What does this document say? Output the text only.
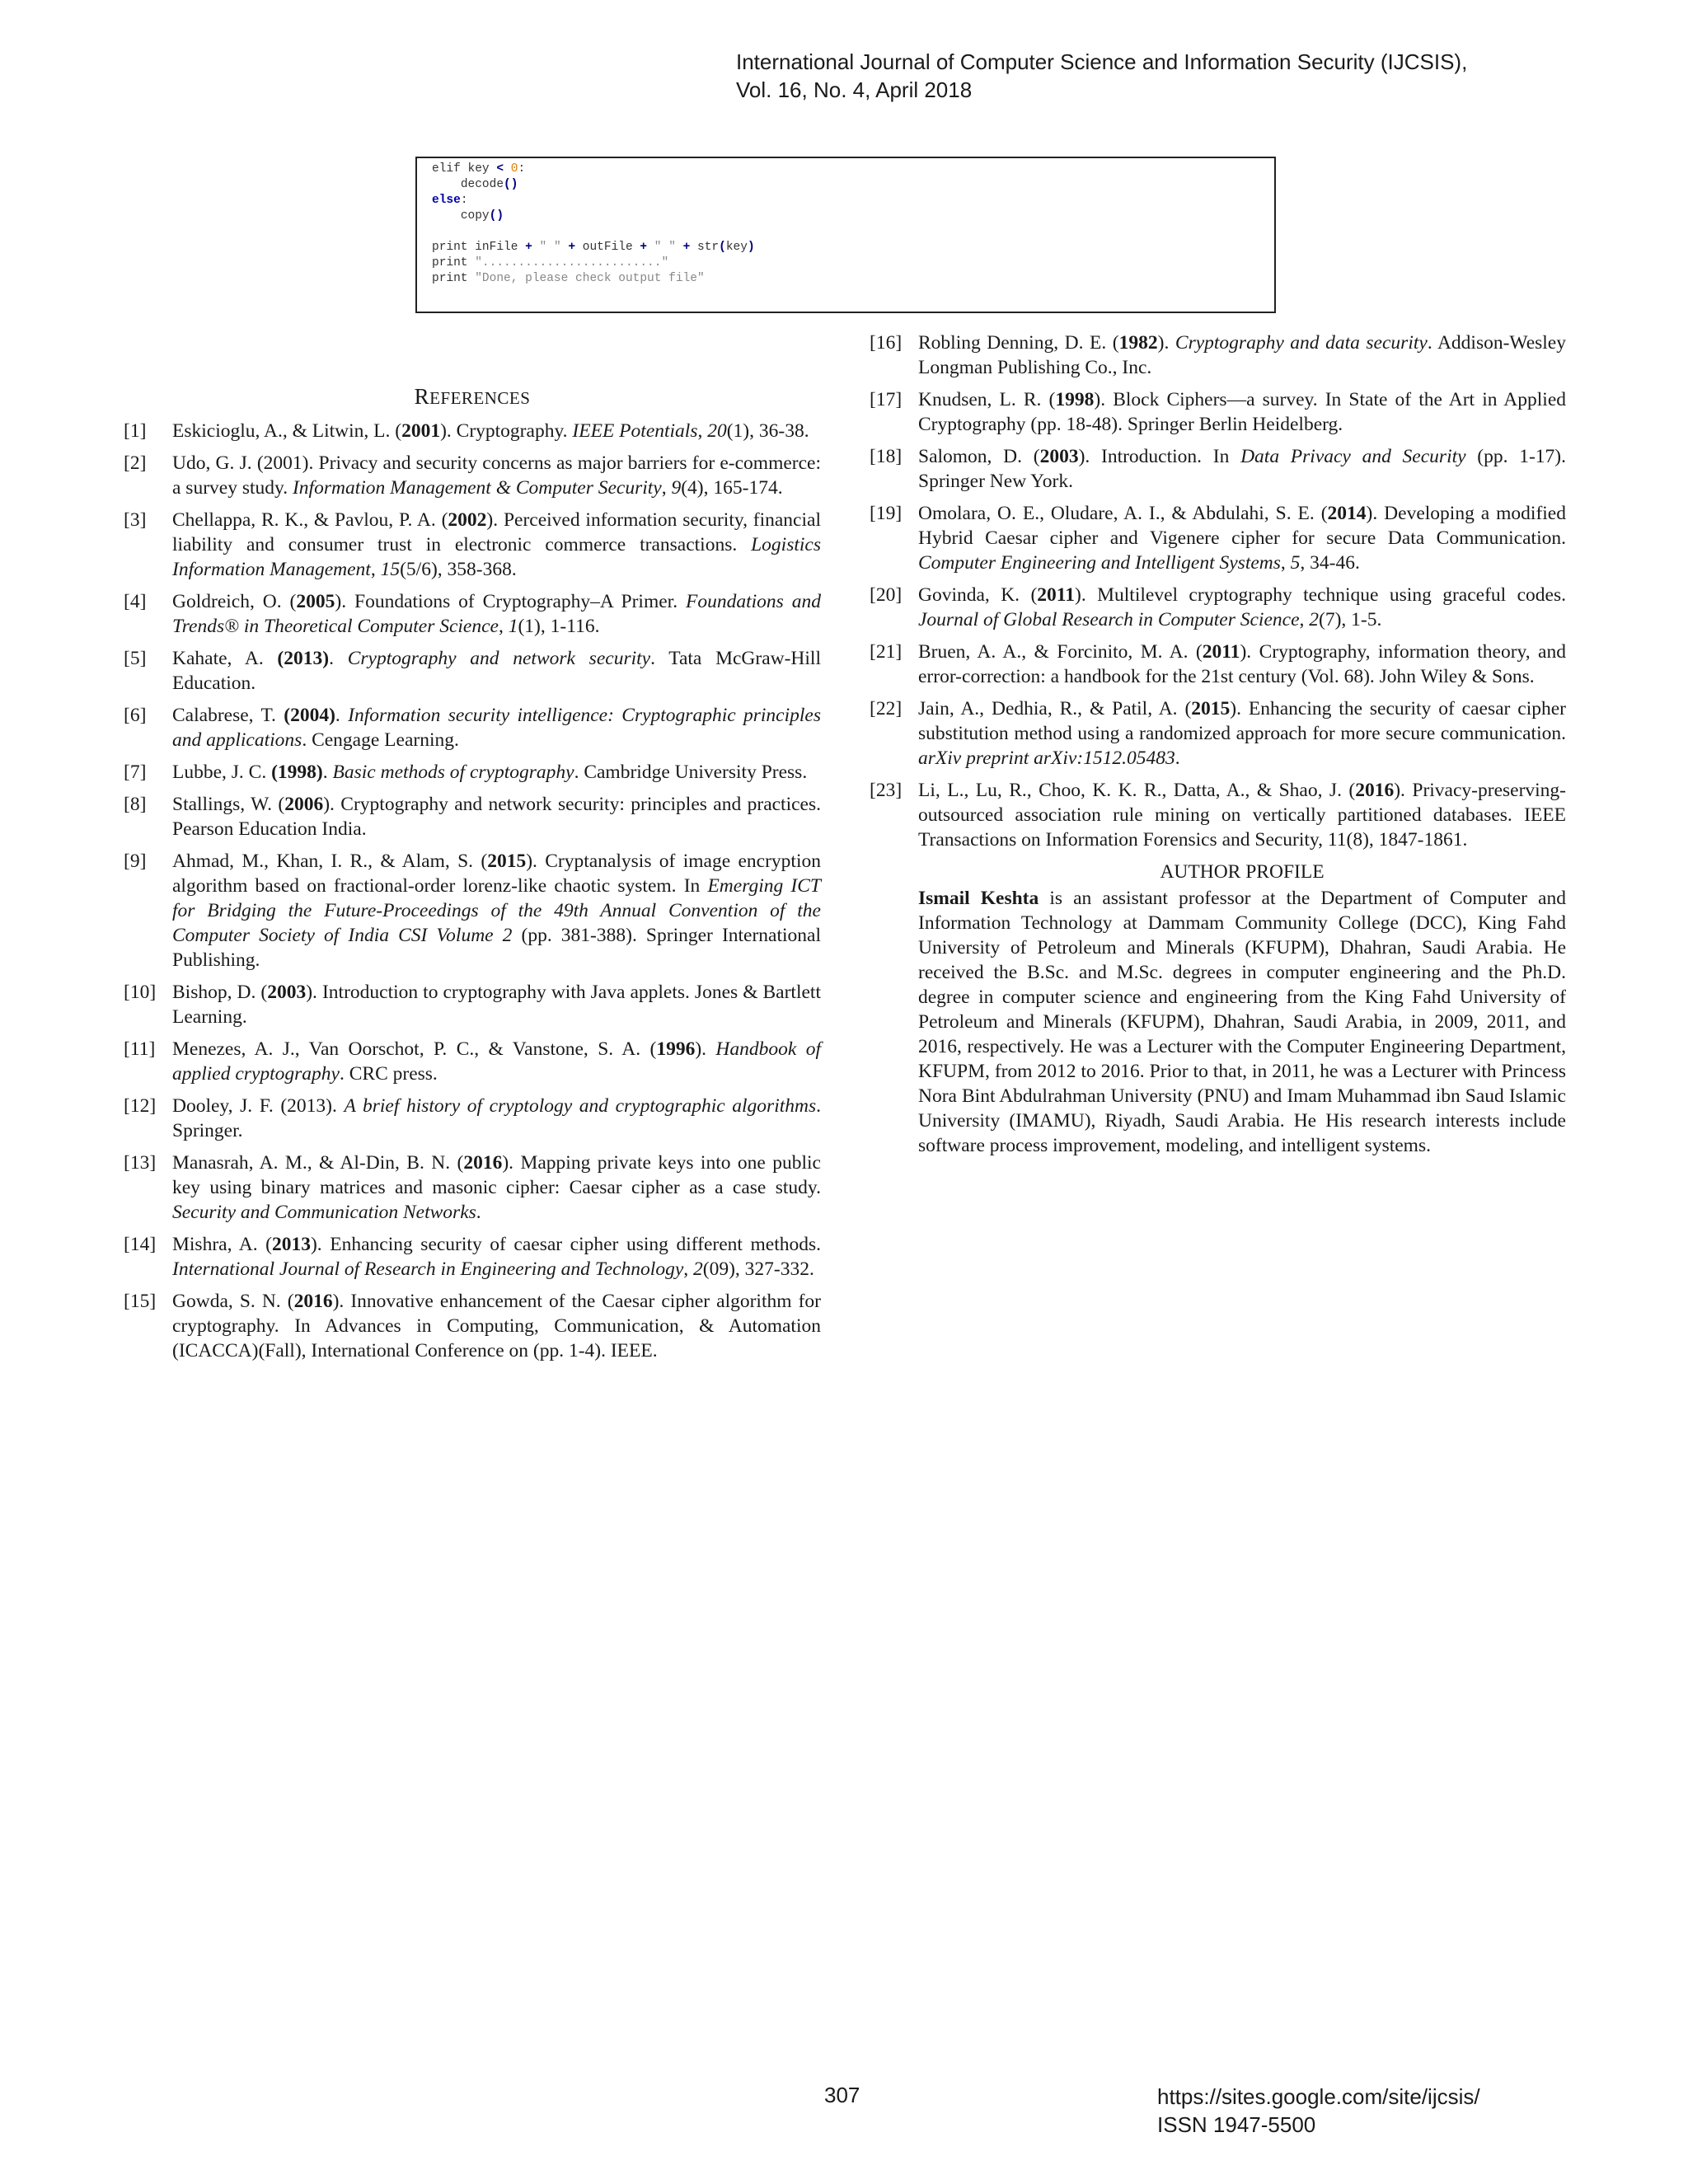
International Journal of Computer Science and Information Security (IJCSIS),
Vol. 16, No. 4, April 2018
elif key < 0:
decode()
else:
copy()
print inFile + " " + outFile + " " + str(key)
print "........................."
print "Done, please check output file"
REFERENCES
[1] Eskicioglu, A., & Litwin, L. (2001). Cryptography. IEEE Potentials, 20(1), 36-38.
[2] Udo, G. J. (2001). Privacy and security concerns as major barriers for e-commerce: a survey study. Information Management & Computer Security, 9(4), 165-174.
[3] Chellappa, R. K., & Pavlou, P. A. (2002). Perceived information security, financial liability and consumer trust in electronic commerce transactions. Logistics Information Management, 15(5/6), 358-368.
[4] Goldreich, O. (2005). Foundations of Cryptography–A Primer. Foundations and Trends® in Theoretical Computer Science, 1(1), 1-116.
[5] Kahate, A. (2013). Cryptography and network security. Tata McGraw-Hill Education.
[6] Calabrese, T. (2004). Information security intelligence: Cryptographic principles and applications. Cengage Learning.
[7] Lubbe, J. C. (1998). Basic methods of cryptography. Cambridge University Press.
[8] Stallings, W. (2006). Cryptography and network security: principles and practices. Pearson Education India.
[9] Ahmad, M., Khan, I. R., & Alam, S. (2015). Cryptanalysis of image encryption algorithm based on fractional-order lorenz-like chaotic system. In Emerging ICT for Bridging the Future-Proceedings of the 49th Annual Convention of the Computer Society of India CSI Volume 2 (pp. 381-388). Springer International Publishing.
[10] Bishop, D. (2003). Introduction to cryptography with Java applets. Jones & Bartlett Learning.
[11] Menezes, A. J., Van Oorschot, P. C., & Vanstone, S. A. (1996). Handbook of applied cryptography. CRC press.
[12] Dooley, J. F. (2013). A brief history of cryptology and cryptographic algorithms. Springer.
[13] Manasrah, A. M., & Al-Din, B. N. (2016). Mapping private keys into one public key using binary matrices and masonic cipher: Caesar cipher as a case study. Security and Communication Networks.
[14] Mishra, A. (2013). Enhancing security of caesar cipher using different methods. International Journal of Research in Engineering and Technology, 2(09), 327-332.
[15] Gowda, S. N. (2016). Innovative enhancement of the Caesar cipher algorithm for cryptography. In Advances in Computing, Communication, & Automation (ICACCA)(Fall), International Conference on (pp. 1-4). IEEE.
[16] Robling Denning, D. E. (1982). Cryptography and data security. Addison-Wesley Longman Publishing Co., Inc.
[17] Knudsen, L. R. (1998). Block Ciphers—a survey. In State of the Art in Applied Cryptography (pp. 18-48). Springer Berlin Heidelberg.
[18] Salomon, D. (2003). Introduction. In Data Privacy and Security (pp. 1-17). Springer New York.
[19] Omolara, O. E., Oludare, A. I., & Abdulahi, S. E. (2014). Developing a modified Hybrid Caesar cipher and Vigenere cipher for secure Data Communication. Computer Engineering and Intelligent Systems, 5, 34-46.
[20] Govinda, K. (2011). Multilevel cryptography technique using graceful codes. Journal of Global Research in Computer Science, 2(7), 1-5.
[21] Bruen, A. A., & Forcinito, M. A. (2011). Cryptography, information theory, and error-correction: a handbook for the 21st century (Vol. 68). John Wiley & Sons.
[22] Jain, A., Dedhia, R., & Patil, A. (2015). Enhancing the security of caesar cipher substitution method using a randomized approach for more secure communication. arXiv preprint arXiv:1512.05483.
[23] Li, L., Lu, R., Choo, K. K. R., Datta, A., & Shao, J. (2016). Privacy-preserving-outsourced association rule mining on vertically partitioned databases. IEEE Transactions on Information Forensics and Security, 11(8), 1847-1861.
AUTHOR PROFILE
Ismail Keshta is an assistant professor at the Department of Computer and Information Technology at Dammam Community College (DCC), King Fahd University of Petroleum and Minerals (KFUPM), Dhahran, Saudi Arabia. He received the B.Sc. and M.Sc. degrees in computer engineering and the Ph.D. degree in computer science and engineering from the King Fahd University of Petroleum and Minerals (KFUPM), Dhahran, Saudi Arabia, in 2009, 2011, and 2016, respectively. He was a Lecturer with the Computer Engineering Department, KFUPM, from 2012 to 2016. Prior to that, in 2011, he was a Lecturer with Princess Nora Bint Abdulrahman University (PNU) and Imam Muhammad ibn Saud Islamic University (IMAMU), Riyadh, Saudi Arabia. He His research interests include software process improvement, modeling, and intelligent systems.
307	https://sites.google.com/site/ijcsis/
ISSN 1947-5500
